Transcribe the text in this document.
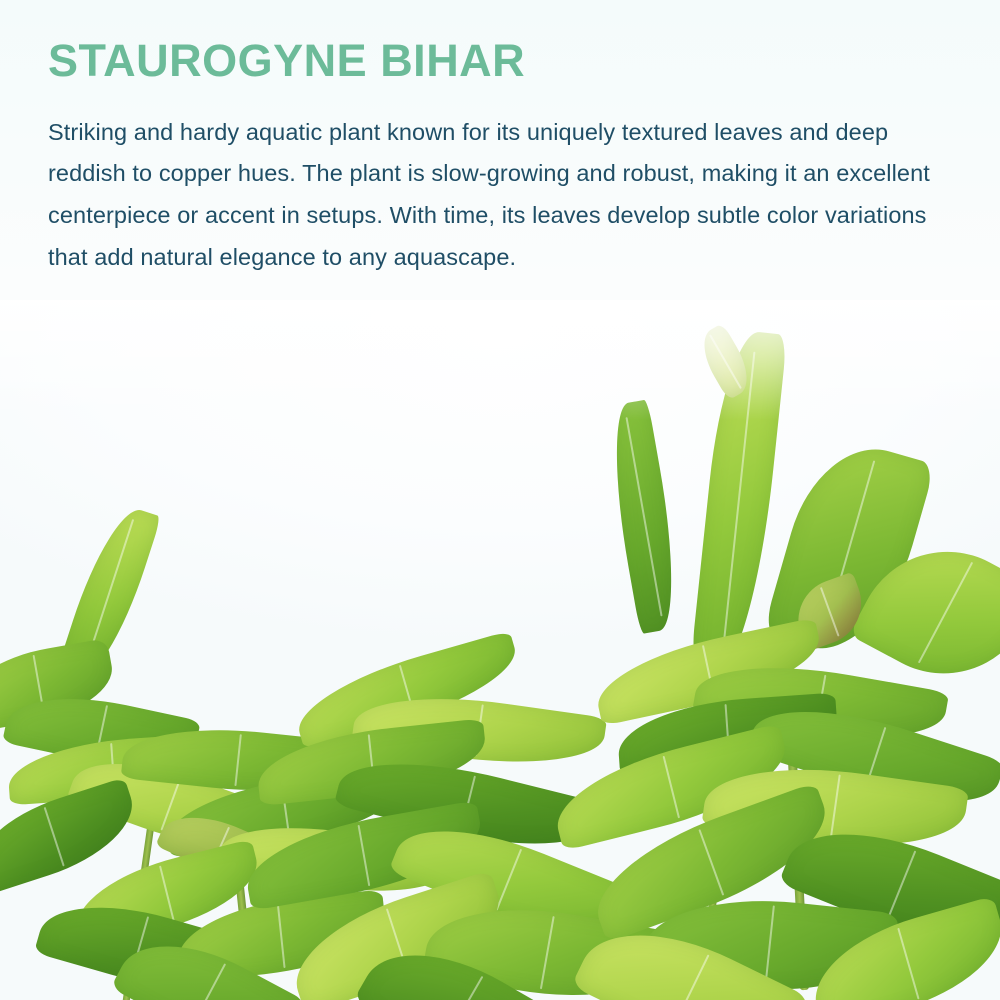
STAUROGYNE BIHAR

Striking and hardy aquatic plant known for its uniquely textured leaves and deep reddish to copper hues. The plant is slow-growing and robust, making it an excellent centerpiece or accent in setups. With time, its leaves develop subtle color variations that add natural elegance to any aquascape.
